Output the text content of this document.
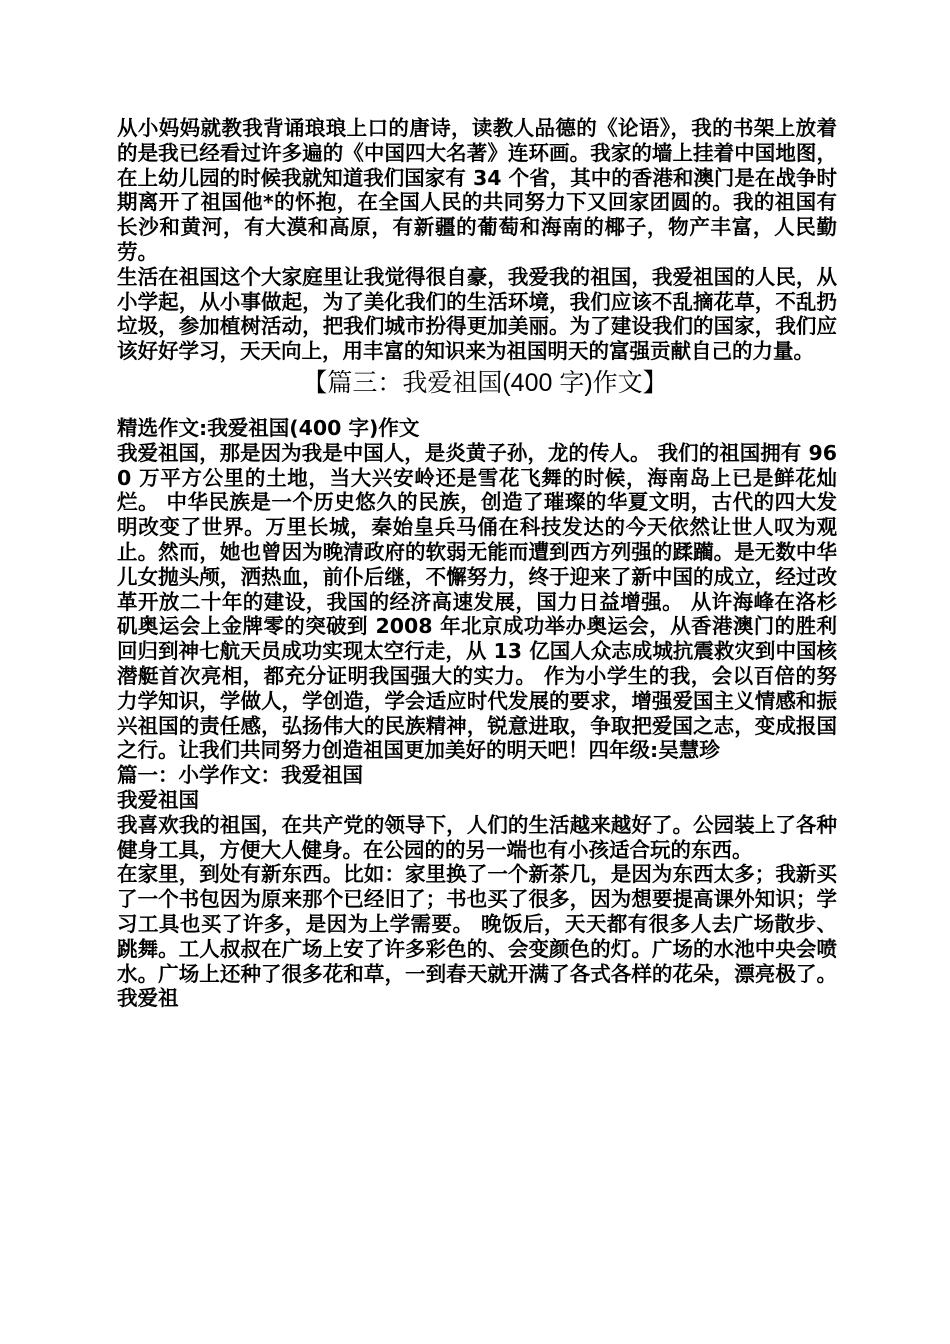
从小妈妈就教我背诵琅琅上口的唐诗，读教人品德的《论语》，我的书架上放着的是我已经看过许多遍的《中国四大名著》连环画。我家的墙上挂着中国地图，在上幼儿园的时候我就知道我们国家有 34 个省，其中的香港和澳门是在战争时期离开了祖国他*的怀抱，在全国人民的共同努力下又回家团圆的。我的祖国有长沙和黄河，有大漠和高原，有新疆的葡萄和海南的椰子，物产丰富，人民勤劳。

生活在祖国这个大家庭里让我觉得很自豪，我爱我的祖国，我爱祖国的人民，从小学起，从小事做起，为了美化我们的生活环境，我们应该不乱摘花草，不乱扔垃圾，参加植树活动，把我们城市扮得更加美丽。为了建设我们的国家，我们应该好好学习，天天向上，用丰富的知识来为祖国明天的富强贡献自己的力量。

【篇三：我爱祖国(400 字)作文】

精选作文:我爱祖国(400 字)作文

我爱祖国，那是因为我是中国人，是炎黄子孙，龙的传人。 我们的祖国拥有 960 万平方公里的土地，当大兴安岭还是雪花飞舞的时候，海南岛上已是鲜花灿烂。 中华民族是一个历史悠久的民族，创造了璀璨的华夏文明，古代的四大发明改变了世界。万里长城，秦始皇兵马俑在科技发达的今天依然让世人叹为观止。然而，她也曾因为晚清政府的软弱无能而遭到西方列强的蹂躏。是无数中华儿女抛头颅，洒热血，前仆后继，不懈努力，终于迎来了新中国的成立，经过改革开放二十年的建设，我国的经济高速发展，国力日益增强。 从许海峰在洛杉矶奥运会上金牌零的突破到 2008 年北京成功举办奥运会，从香港澳门的胜利回归到神七航天员成功实现太空行走，从 13 亿国人众志成城抗震救灾到中国核潜艇首次亮相，都充分证明我国强大的实力。 作为小学生的我，会以百倍的努力学知识，学做人，学创造，学会适应时代发展的要求，增强爱国主义情感和振兴祖国的责任感，弘扬伟大的民族精神，锐意进取，争取把爱国之志，变成报国之行。让我们共同努力创造祖国更加美好的明天吧！四年级:吴慧珍

篇一：小学作文：我爱祖国

我爱祖国

我喜欢我的祖国，在共产党的领导下，人们的生活越来越好了。公园装上了各种健身工具，方便大人健身。在公园的的另一端也有小孩适合玩的东西。

在家里，到处有新东西。比如：家里换了一个新茶几，是因为东西太多；我新买了一个书包因为原来那个已经旧了；书也买了很多，因为想要提高课外知识；学习工具也买了许多，是因为上学需要。 晚饭后，天天都有很多人去广场散步、跳舞。工人叔叔在广场上安了许多彩色的、会变颜色的灯。广场的水池中央会喷水。广场上还种了很多花和草，一到春天就开满了各式各样的花朵，漂亮极了。 我爱祖
